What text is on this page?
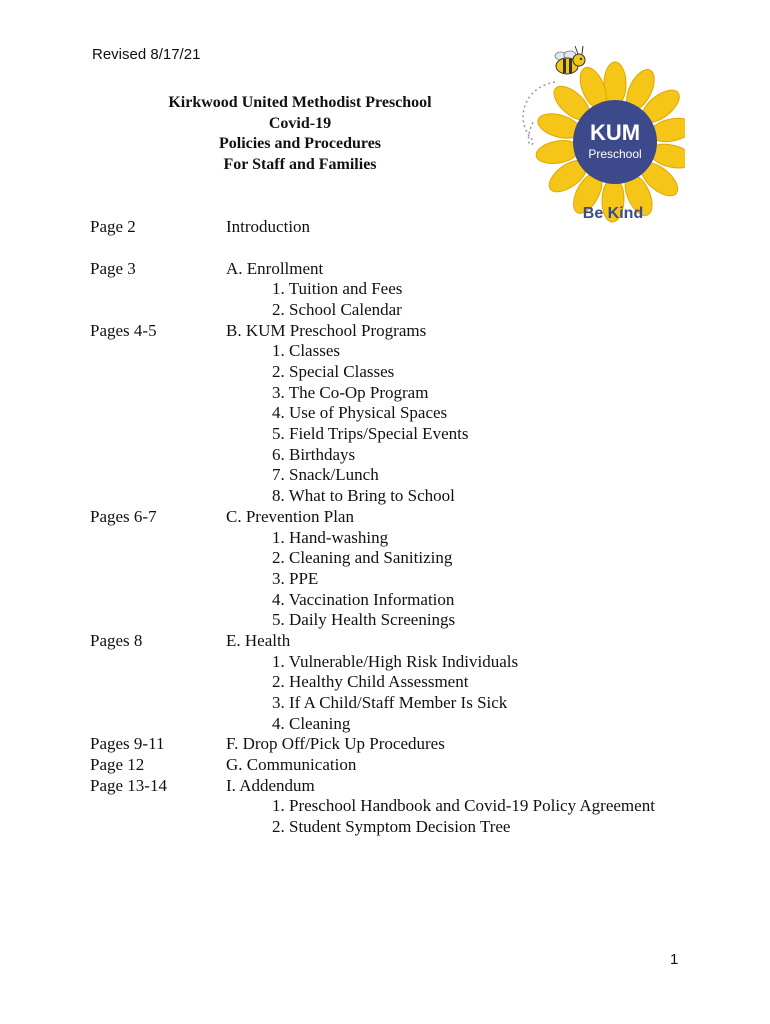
Revised 8/17/21
Kirkwood United Methodist Preschool
Covid-19
Policies and Procedures
For Staff and Families
KUM
Preschool
Be Kind
Page 2	Introduction
Page 3	A. Enrollment
1. Tuition and Fees
2. School Calendar
Pages 4-5	B. KUM Preschool Programs
1. Classes
2. Special Classes
3. The Co-Op Program
4. Use of Physical Spaces
5. Field Trips/Special Events
6. Birthdays
7. Snack/Lunch
8. What to Bring to School
Pages 6-7	C. Prevention Plan
1. Hand-washing
2. Cleaning and Sanitizing
3. PPE
4. Vaccination Information
5. Daily Health Screenings
Pages 8	E. Health
1. Vulnerable/High Risk Individuals
2. Healthy Child Assessment
3. If A Child/Staff Member Is Sick
4. Cleaning
Pages 9-11	F. Drop Off/Pick Up Procedures
Page 12	G. Communication
Page 13-14	I. Addendum
1. Preschool Handbook and Covid-19 Policy Agreement
2. Student Symptom Decision Tree
1
